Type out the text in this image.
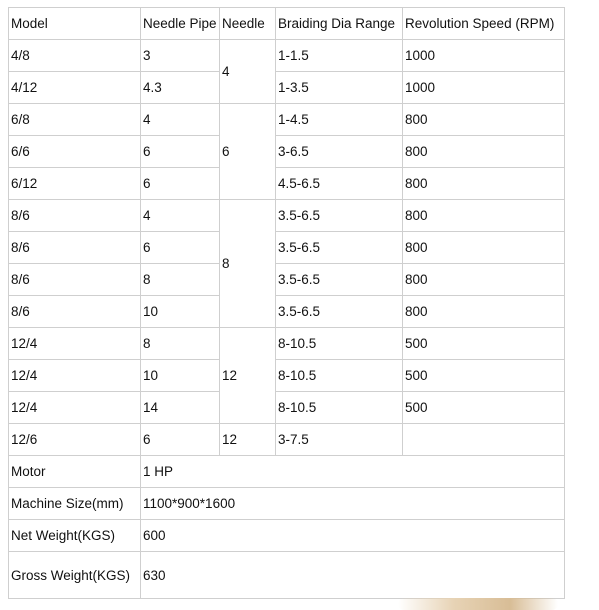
Model	Needle Pipe	Needle	Braiding Dia Range	Revolution Speed (RPM)
4/8	3	4	1-1.5	1000
4/12	4.3		1-3.5	1000
6/8	4	6	1-4.5	800
6/6	6		3-6.5	800
6/12	6		4.5-6.5	800
8/6	4	8	3.5-6.5	800
8/6	6		3.5-6.5	800
8/6	8		3.5-6.5	800
8/6	10		3.5-6.5	800
12/4	8	12	8-10.5	500
12/4	10		8-10.5	500
12/4	14		8-10.5	500
12/6	6	12	3-7.5	
Motor	1 HP			
Machine Size(mm)	1100*900*1600			
Net Weight(KGS)	600			
Gross Weight(KGS)	630			
